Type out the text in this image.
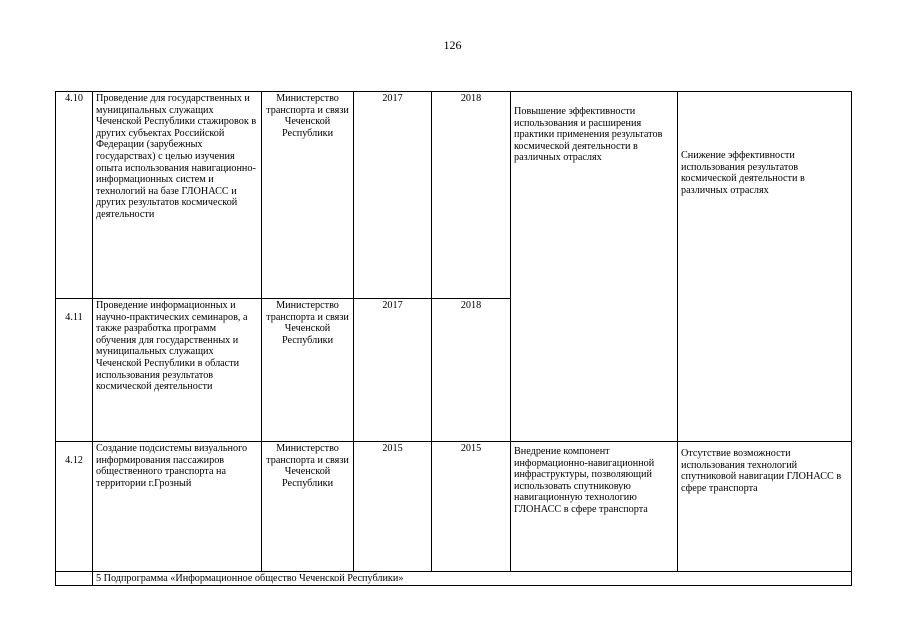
126
4.10	Проведение для государственных и муниципальных служащих Чеченской Республики стажировок в других субъектах Российской Федерации (зарубежных государствах) с целью изучения опыта использования навигационно-информационных систем и технологий на базе ГЛОНАСС и других результатов космической деятельности	Министерство транспорта и связи Чеченской Республики	2017	2018	Повышение эффективности использования и расширения практики применения результатов космической деятельности в различных отраслях	Снижение эффективности использования результатов космической деятельности в различных отраслях
4.11	Проведение информационных и научно-практических семинаров, а также разработка программ обучения для государственных и муниципальных служащих Чеченской Республики в области использования результатов космической деятельности	Министерство транспорта и связи Чеченской Республики	2017	2018		
4.12	Создание подсистемы визуального информирования пассажиров общественного транспорта на территории г.Грозный	Министерство транспорта и связи Чеченской Республики	2015	2015	Внедрение компонент информационно-навигационной инфраструктуры, позволяющий использовать спутниковую навигационную технологию ГЛОНАСС в сфере транспорта	Отсутствие возможности использования технологий спутниковой навигации ГЛОНАСС в сфере транспорта
	5 Подпрограмма «Информационное общество Чеченской Республики»					
